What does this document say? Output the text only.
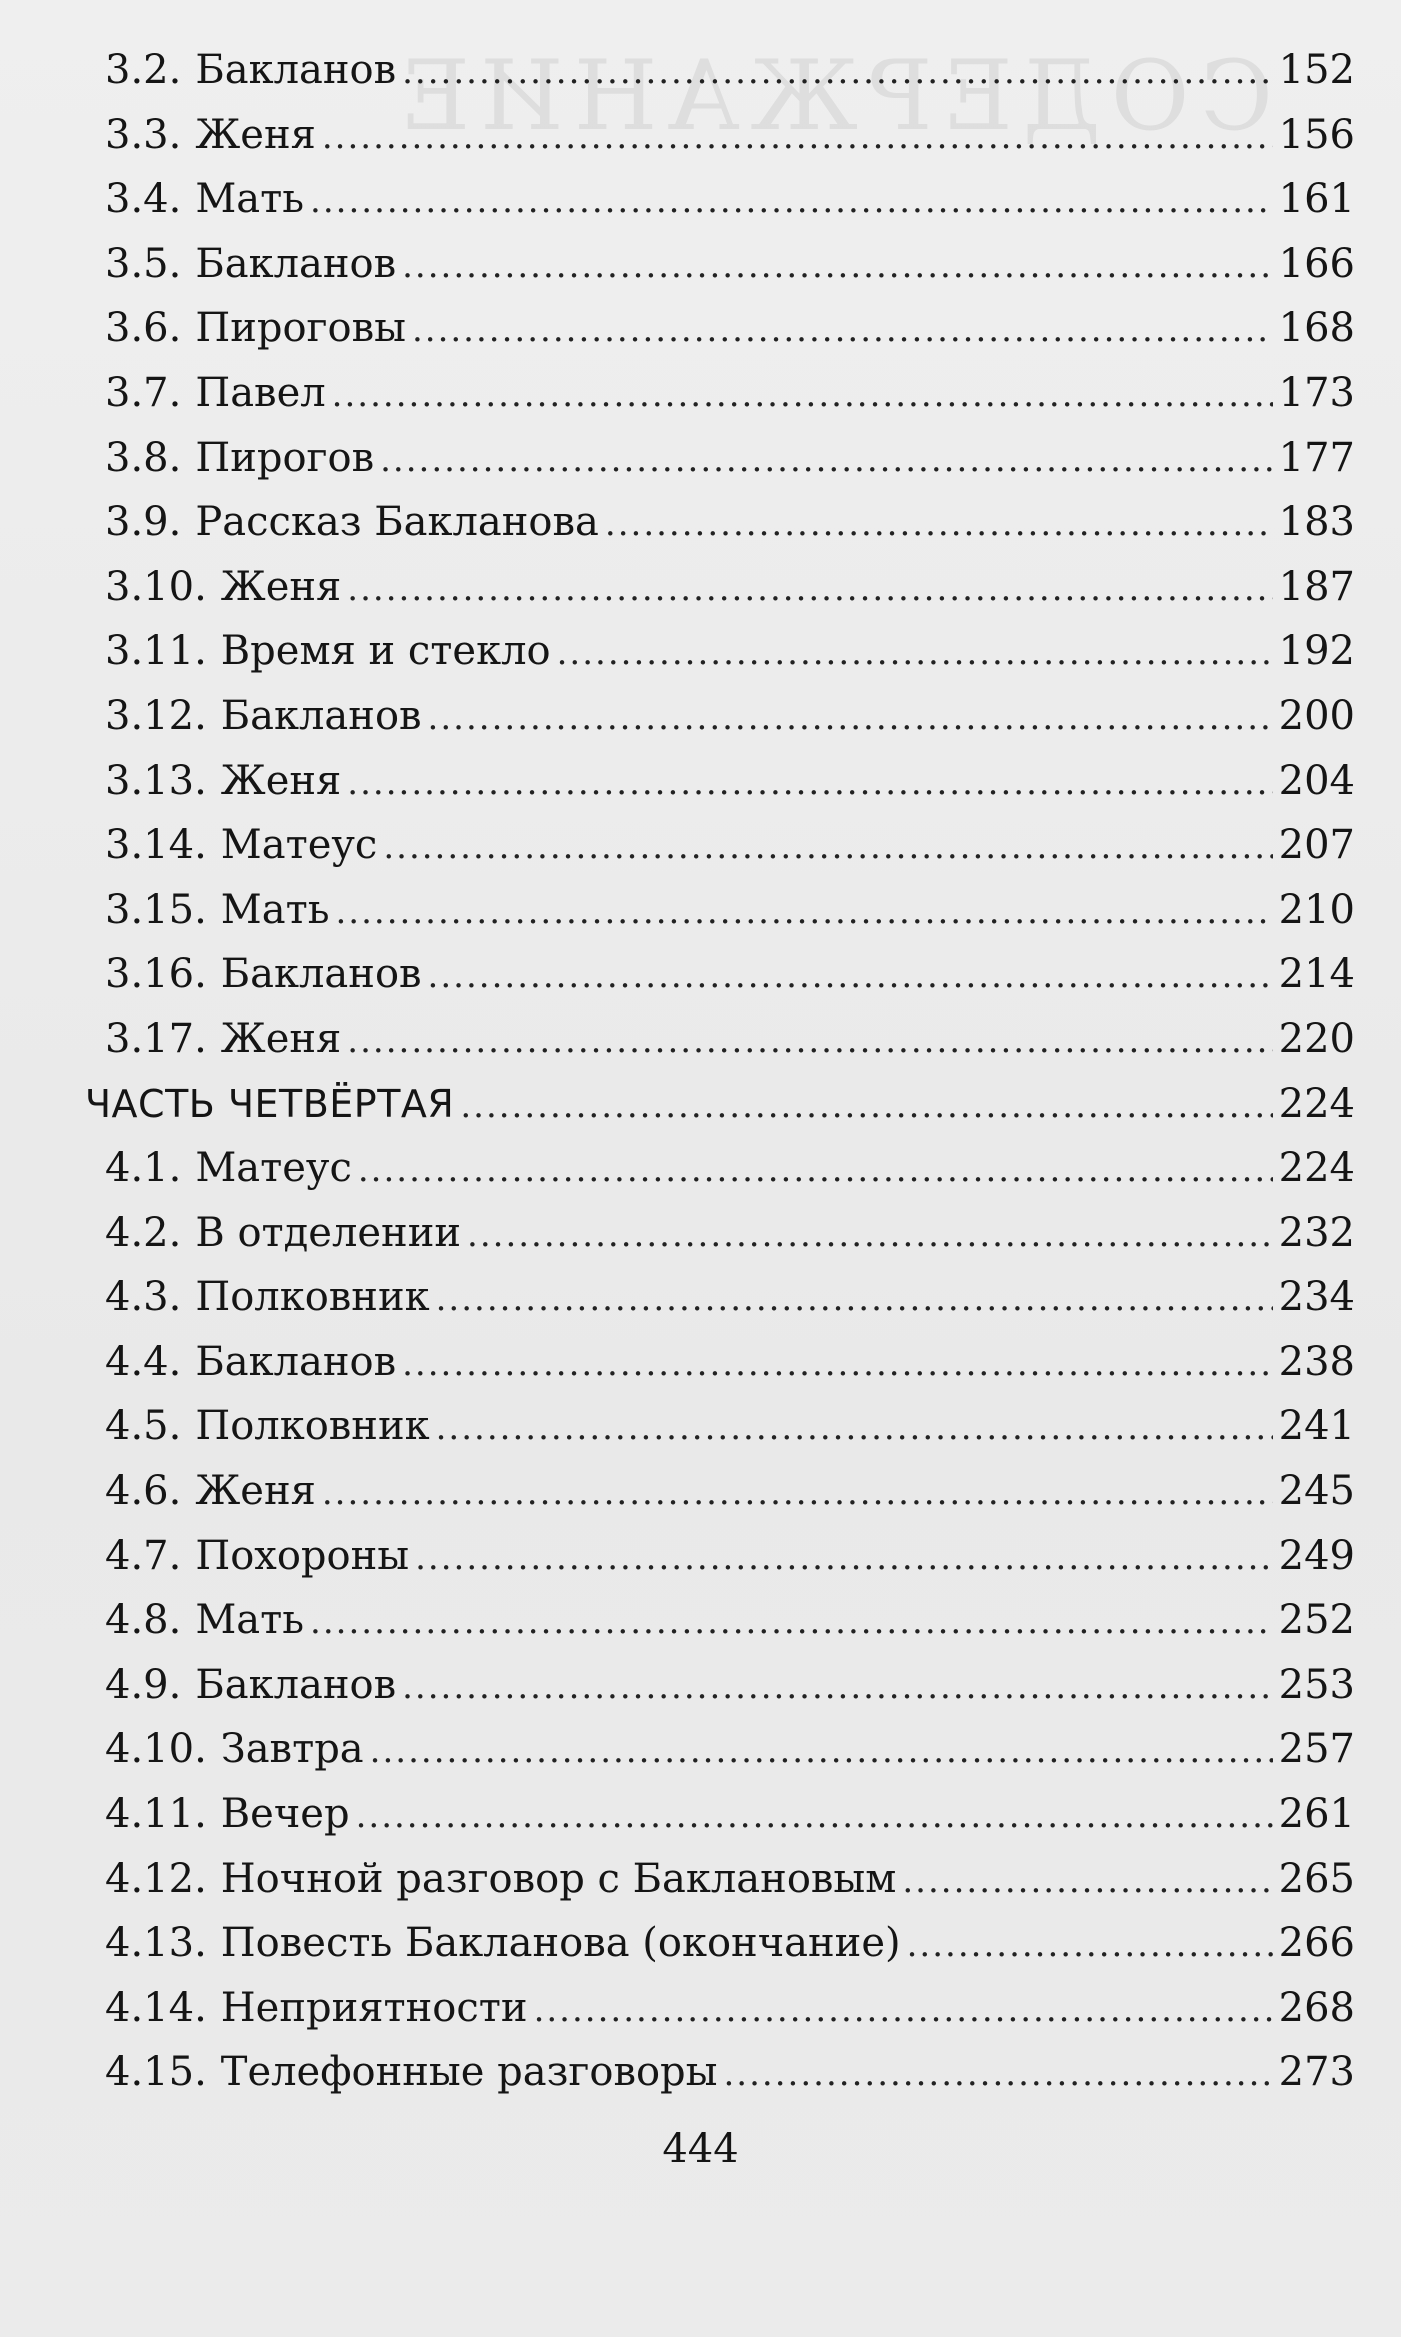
СОДЕРЖАНИЕ
3.2. Бакланов .....	152
3.3. Женя .....	156
3.4. Мать .....	161
3.5. Бакланов .....	166
3.6. Пироговы .....	168
3.7. Павел .....	173
3.8. Пирогов .....	177
3.9. Рассказ Бакланова .....	183
3.10. Женя .....	187
3.11. Время и стекло .....	192
3.12. Бакланов .....	200
3.13. Женя .....	204
3.14. Матеус .....	207
3.15. Мать .....	210
3.16. Бакланов .....	214
3.17. Женя .....	220
ЧАСТЬ ЧЕТВЁРТАЯ .....	224
4.1. Матеус .....	224
4.2. В отделении .....	232
4.3. Полковник .....	234
4.4. Бакланов .....	238
4.5. Полковник .....	241
4.6. Женя .....	245
4.7. Похороны .....	249
4.8. Мать .....	252
4.9. Бакланов .....	253
4.10. Завтра .....	257
4.11. Вечер .....	261
4.12. Ночной разговор с Баклановым .....	265
4.13. Повесть Бакланова (окончание) .....	266
4.14. Неприятности .....	268
4.15. Телефонные разговоры .....	273
444
